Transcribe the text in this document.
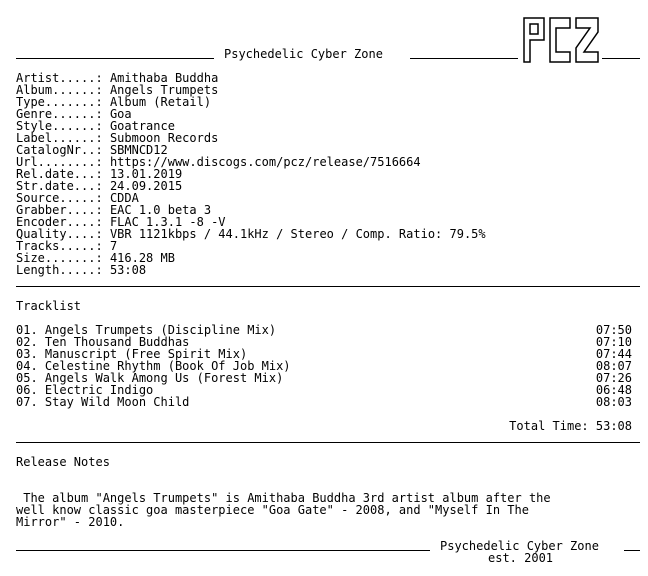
Psychedelic Cyber Zone
Artist.....: Amithaba Buddha
Album......: Angels Trumpets
Type.......: Album (Retail)
Genre......: Goa
Style......: Goatrance
Label......: Submoon Records
CatalogNr..: SBMNCD12
Url........: https://www.discogs.com/pcz/release/7516664
Rel.date...: 13.01.2019
Str.date...: 24.09.2015
Source.....: CDDA
Grabber....: EAC 1.0 beta 3
Encoder....: FLAC 1.3.1 -8 -V
Quality....: VBR 1121kbps / 44.1kHz / Stereo / Comp. Ratio: 79.5%
Tracks.....: 7
Size.......: 416.28 MB
Length.....: 53:08
Tracklist
01. Angels Trumpets (Discipline Mix)	07:50
02. Ten Thousand Buddhas	07:10
03. Manuscript (Free Spirit Mix)	07:44
04. Celestine Rhythm (Book Of Job Mix)	08:07
05. Angels Walk Among Us (Forest Mix)	07:26
06. Electric Indigo	06:48
07. Stay Wild Moon Child	08:03
Total Time: 53:08
Release Notes
The album "Angels Trumpets" is Amithaba Buddha 3rd artist album after the
well know classic goa masterpiece "Goa Gate" - 2008, and "Myself In The
Mirror" - 2010.
Psychedelic Cyber Zone
est. 2001
